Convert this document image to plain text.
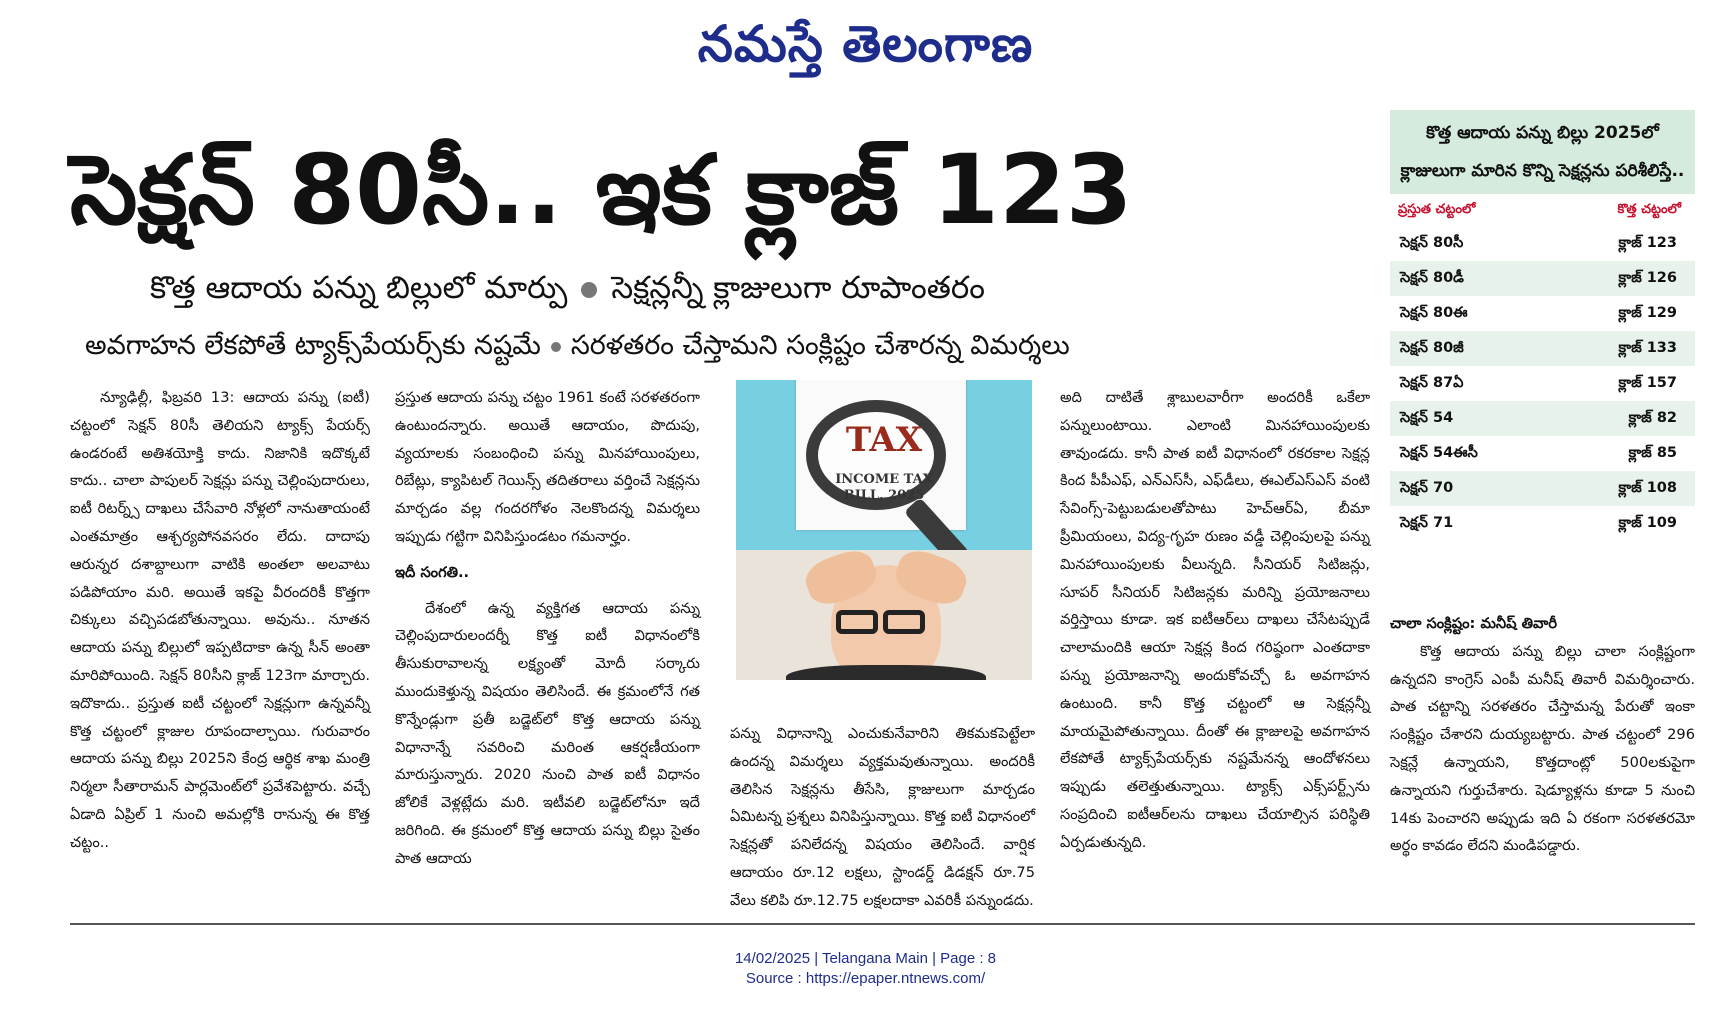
నమస్తే తెలంగాణ
సెక్షన్ 80సీ.. ఇక క్లాజ్ 123
కొత్త ఆదాయ పన్ను బిల్లులో మార్పు సెక్షన్లన్నీ క్లాజులుగా రూపాంతరం
అవగాహన లేకపోతే ట్యాక్స్‌పేయర్స్‌కు నష్టమే సరళతరం చేస్తామని సంక్లిష్టం చేశారన్న విమర్శలు

న్యూఢిల్లీ, ఫిబ్రవరి 13: ఆదాయ పన్ను (ఐటీ) చట్టంలో సెక్షన్ 80సీ తెలియని ట్యాక్స్ పేయర్స్ ఉండరంటే అతిశయోక్తి కాదు. నిజానికి ఇదొక్కటే కాదు.. చాలా పాపులర్ సెక్షన్లు పన్ను చెల్లింపుదారులు, ఐటీ రిటర్న్స్ దాఖలు చేసేవారి నోళ్లలో నానుతాయంటే ఎంతమాత్రం ఆశ్చర్యపోనవసరం లేదు. దాదాపు ఆరున్నర దశాబ్దాలుగా వాటికి అంతలా అలవాటు పడిపోయాం మరి. అయితే ఇకపై వీరందరికీ కొత్తగా చిక్కులు వచ్చిపడబోతున్నాయి. అవును.. నూతన ఆదాయ పన్ను బిల్లులో ఇప్పటిదాకా ఉన్న సీన్ అంతా మారిపోయింది. సెక్షన్ 80సీని క్లాజ్ 123గా మార్చారు. ఇదొకాదు.. ప్రస్తుత ఐటీ చట్టంలో సెక్షన్లుగా ఉన్నవన్నీ కొత్త చట్టంలో క్లాజుల రూపందాల్చాయి. గురువారం ఆదాయ పన్ను బిల్లు 2025ని కేంద్ర ఆర్థిక శాఖ మంత్రి నిర్మలా సీతారామన్ పార్లమెంట్‌లో ప్రవేశపెట్టారు. వచ్చే ఏడాది ఏప్రిల్ 1 నుంచి అమల్లోకి రానున్న ఈ కొత్త చట్టం..

ప్రస్తుత ఆదాయ పన్ను చట్టం 1961 కంటే సరళతరంగా ఉంటుందన్నారు. అయితే ఆదాయం, పొదుపు, వ్యయాలకు సంబంధించి పన్ను మినహాయింపులు, రిబేట్లు, క్యాపిటల్ గెయిన్స్ తదితరాలు వర్తించే సెక్షన్లను మార్చడం వల్ల గందరగోళం నెలకొందన్న విమర్శలు ఇప్పుడు గట్టిగా వినిపిస్తుండటం గమనార్హం.

ఇదీ సంగతి..

దేశంలో ఉన్న వ్యక్తిగత ఆదాయ పన్ను చెల్లింపుదారులందర్నీ కొత్త ఐటీ విధానంలోకి తీసుకురావాలన్న లక్ష్యంతో మోదీ సర్కారు ముందుకెళ్తున్న విషయం తెలిసిందే. ఈ క్రమంలోనే గత కొన్నేండ్లుగా ప్రతీ బడ్జెట్‌లో కొత్త ఆదాయ పన్ను విధానాన్నే సవరించి మరింత ఆకర్షణీయంగా మారుస్తున్నారు. 2020 నుంచి పాత ఐటీ విధానం జోలికే వెళ్లట్లేదు మరి. ఇటీవలి బడ్జెట్‌లోనూ ఇదే జరిగింది. ఈ క్రమంలో కొత్త ఆదాయ పన్ను బిల్లు సైతం పాత ఆదాయ

TAX
INCOME TAX
BILL, 2025

పన్ను విధానాన్ని ఎంచుకునేవారిని తికమకపెట్టేలా ఉందన్న విమర్శలు వ్యక్తమవుతున్నాయి. అందరికీ తెలిసిన సెక్షన్లను తీసేసి, క్లాజులుగా మార్చడం ఏమిటన్న ప్రశ్నలు వినిపిస్తున్నాయి. కొత్త ఐటీ విధానంలో సెక్షన్లతో పనిలేదన్న విషయం తెలిసిందే. వార్షిక ఆదాయం రూ.12 లక్షలు, స్టాండర్డ్ డిడక్షన్ రూ.75 వేలు కలిపి రూ.12.75 లక్షలదాకా ఎవరికీ పన్నుండదు.

అది దాటితే శ్లాబులవారీగా అందరికీ ఒకేలా పన్నులుంటాయి. ఎలాంటి మినహాయింపులకు తావుండదు. కానీ పాత ఐటీ విధానంలో రకరకాల సెక్షన్ల కింద పీపీఎఫ్, ఎన్ఎస్‌సీ, ఎఫ్‌డీలు, ఈఎల్‌ఎస్‌ఎస్ వంటి సేవింగ్స్-పెట్టుబడులతోపాటు హెచ్‌ఆర్‌ఏ, బీమా ప్రీమియంలు, విద్య-గృహ రుణం వడ్డీ చెల్లింపులపై పన్ను మినహాయింపులకు వీలున్నది. సీనియర్ సిటిజన్లు, సూపర్ సీనియర్ సిటిజన్లకు మరిన్ని ప్రయోజనాలు వర్తిస్తాయి కూడా. ఇక ఐటీఆర్‌లు దాఖలు చేసేటప్పుడే చాలామందికి ఆయా సెక్షన్ల కింద గరిష్ఠంగా ఎంతదాకా పన్ను ప్రయోజనాన్ని అందుకోవచ్చో ఓ అవగాహన ఉంటుంది. కానీ కొత్త చట్టంలో ఆ సెక్షన్లన్నీ మాయమైపోతున్నాయి. దీంతో ఈ క్లాజులపై అవగాహన లేకపోతే ట్యాక్స్‌పేయర్స్‌కు నష్టమేనన్న ఆందోళనలు ఇప్పుడు తలెత్తుతున్నాయి. ట్యాక్స్ ఎక్స్‌పర్ట్స్‌ను సంప్రదించి ఐటీఆర్‌లను దాఖలు చేయాల్సిన పరిస్థితి ఏర్పడుతున్నది.

కొత్త ఆదాయ పన్ను బిల్లు 2025లో క్లాజులుగా మారిన కొన్ని సెక్షన్లను పరిశీలిస్తే..
ప్రస్తుత చట్టంలో	కొత్త చట్టంలో
సెక్షన్ 80సీ	క్లాజ్ 123
సెక్షన్ 80డీ	క్లాజ్ 126
సెక్షన్ 80ఈ	క్లాజ్ 129
సెక్షన్ 80జీ	క్లాజ్ 133
సెక్షన్ 87ఏ	క్లాజ్ 157
సెక్షన్ 54	క్లాజ్ 82
సెక్షన్ 54ఈసీ	క్లాజ్ 85
సెక్షన్ 70	క్లాజ్ 108
సెక్షన్ 71	క్లాజ్ 109

చాలా సంక్లిష్టం: మనీష్ తివారీ

కొత్త ఆదాయ పన్ను బిల్లు చాలా సంక్లిష్టంగా ఉన్నదని కాంగ్రెస్ ఎంపీ మనీష్ తివారీ విమర్శించారు. పాత చట్టాన్ని సరళతరం చేస్తామన్న పేరుతో ఇంకా సంక్లిష్టం చేశారని దుయ్యబట్టారు. పాత చట్టంలో 296 సెక్షన్లే ఉన్నాయని, కొత్తదాంట్లో 500లకుపైగా ఉన్నాయని గుర్తుచేశారు. షెడ్యూళ్లను కూడా 5 నుంచి 14కు పెంచారని అప్పుడు ఇది ఏ రకంగా సరళతరమో అర్థం కావడం లేదని మండిపడ్డారు.

14/02/2025 | Telangana Main | Page : 8
Source : https://epaper.ntnews.com/
